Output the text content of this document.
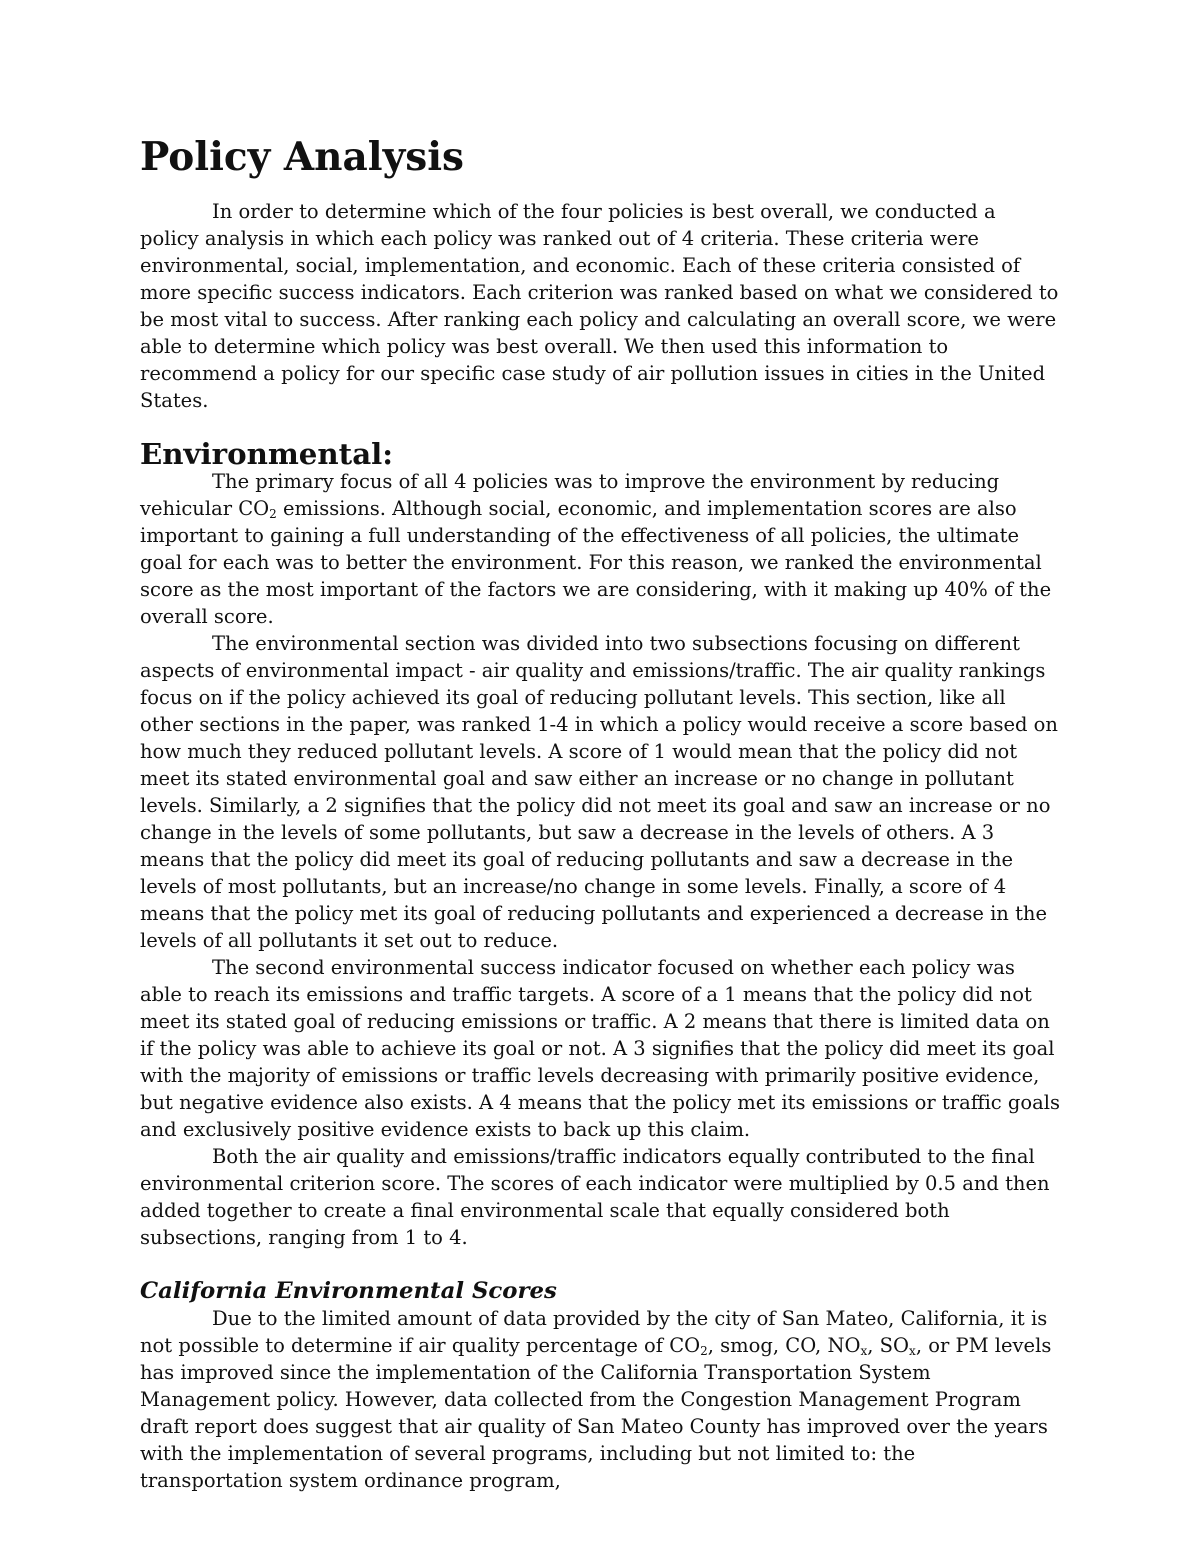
Policy Analysis

In order to determine which of the four policies is best overall, we conducted a policy analysis in which each policy was ranked out of 4 criteria. These criteria were environmental, social, implementation, and economic. Each of these criteria consisted of more specific success indicators. Each criterion was ranked based on what we considered to be most vital to success. After ranking each policy and calculating an overall score, we were able to determine which policy was best overall. We then used this information to recommend a policy for our specific case study of air pollution issues in cities in the United States.

Environmental:

The primary focus of all 4 policies was to improve the environment by reducing vehicular $CO_2$ emissions. Although social, economic, and implementation scores are also important to gaining a full understanding of the effectiveness of all policies, the ultimate goal for each was to better the environment. For this reason, we ranked the environmental score as the most important of the factors we are considering, with it making up 40% of the overall score.

The environmental section was divided into two subsections focusing on different aspects of environmental impact - air quality and emissions/traffic. The air quality rankings focus on if the policy achieved its goal of reducing pollutant levels. This section, like all other sections in the paper, was ranked 1-4 in which a policy would receive a score based on how much they reduced pollutant levels. A score of 1 would mean that the policy did not meet its stated environmental goal and saw either an increase or no change in pollutant levels. Similarly, a 2 signifies that the policy did not meet its goal and saw an increase or no change in the levels of some pollutants, but saw a decrease in the levels of others. A 3 means that the policy did meet its goal of reducing pollutants and saw a decrease in the levels of most pollutants, but an increase/no change in some levels. Finally, a score of 4 means that the policy met its goal of reducing pollutants and experienced a decrease in the levels of all pollutants it set out to reduce.

The second environmental success indicator focused on whether each policy was able to reach its emissions and traffic targets. A score of a 1 means that the policy did not meet its stated goal of reducing emissions or traffic. A 2 means that there is limited data on if the policy was able to achieve its goal or not. A 3 signifies that the policy did meet its goal with the majority of emissions or traffic levels decreasing with primarily positive evidence, but negative evidence also exists. A 4 means that the policy met its emissions or traffic goals and exclusively positive evidence exists to back up this claim.

Both the air quality and emissions/traffic indicators equally contributed to the final environmental criterion score. The scores of each indicator were multiplied by 0.5 and then added together to create a final environmental scale that equally considered both subsections, ranging from 1 to 4.

California Environmental Scores

Due to the limited amount of data provided by the city of San Mateo, California, it is not possible to determine if air quality percentage of $CO_2$, smog, CO, $NO_x$, $SO_x$, or PM levels has improved since the implementation of the California Transportation System Management policy. However, data collected from the Congestion Management Program draft report does suggest that air quality of San Mateo County has improved over the years with the implementation of several programs, including but not limited to: the transportation system ordinance program,
